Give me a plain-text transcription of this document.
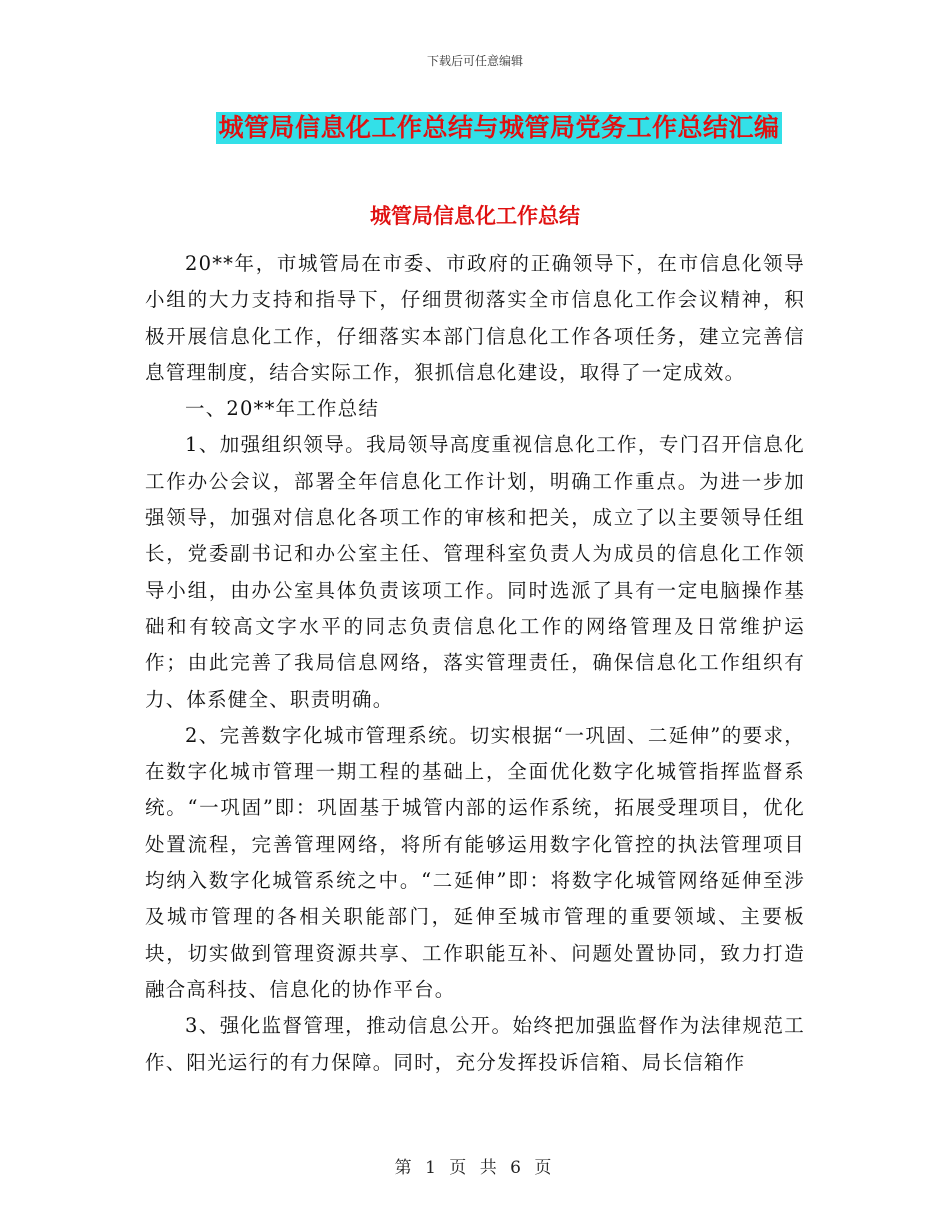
下载后可任意编辑
城管局信息化工作总结与城管局党务工作总结汇编
城管局信息化工作总结

20**年，市城管局在市委、市政府的正确领导下，在市信息化领导小组的大力支持和指导下，仔细贯彻落实全市信息化工作会议精神，积极开展信息化工作，仔细落实本部门信息化工作各项任务，建立完善信息管理制度，结合实际工作，狠抓信息化建设，取得了一定成效。

一、20**年工作总结

1、加强组织领导。我局领导高度重视信息化工作，专门召开信息化工作办公会议，部署全年信息化工作计划，明确工作重点。为进一步加强领导，加强对信息化各项工作的审核和把关，成立了以主要领导任组长，党委副书记和办公室主任、管理科室负责人为成员的信息化工作领导小组，由办公室具体负责该项工作。同时选派了具有一定电脑操作基础和有较高文字水平的同志负责信息化工作的网络管理及日常维护运作；由此完善了我局信息网络，落实管理责任，确保信息化工作组织有力、体系健全、职责明确。

2、完善数字化城市管理系统。切实根据“一巩固、二延伸”的要求，在数字化城市管理一期工程的基础上，全面优化数字化城管指挥监督系统。“一巩固”即：巩固基于城管内部的运作系统，拓展受理项目，优化处置流程，完善管理网络，将所有能够运用数字化管控的执法管理项目均纳入数字化城管系统之中。“二延伸”即：将数字化城管网络延伸至涉及城市管理的各相关职能部门，延伸至城市管理的重要领域、主要板块，切实做到管理资源共享、工作职能互补、问题处置协同，致力打造融合高科技、信息化的协作平台。

3、强化监督管理，推动信息公开。始终把加强监督作为法律规范工作、阳光运行的有力保障。同时，充分发挥投诉信箱、局长信箱作

第 1 页 共 6 页
